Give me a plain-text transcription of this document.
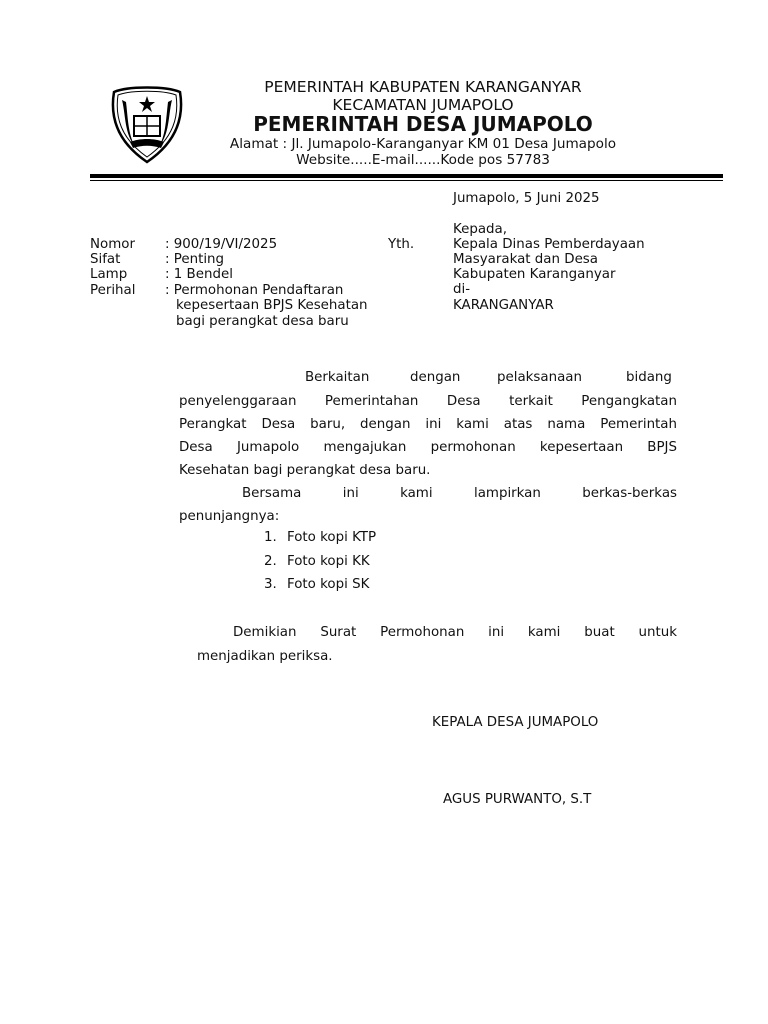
PEMERINTAH KABUPATEN KARANGANYAR
KECAMATAN JUMAPOLO
PEMERINTAH DESA JUMAPOLO
Alamat : Jl. Jumapolo-Karanganyar KM 01 Desa Jumapolo
Website.....E-mail......Kode pos 57783
Jumapolo, 5 Juni 2025
Kepada,
Yth.	Kepala Dinas Pemberdayaan
Masyarakat dan Desa
Kabupaten Karanganyar
di-
KARANGANYAR
Nomor : 900/19/VI/2025
Sifat	: Penting
Lamp	: 1 Bendel
Perihal : Permohonan Pendaftaran
kepesertaan BPJS Kesehatan
bagi perangkat desa baru
Berkaitan	dengan	pelaksanaan	bidang
penyelenggaraan Pemerintahan Desa terkait Pengangkatan
Perangkat Desa baru, dengan ini kami atas nama Pemerintah
Desa Jumapolo mengajukan permohonan kepesertaan BPJS
Kesehatan bagi perangkat desa baru.
Bersama ini kami lampirkan berkas-berkas
penunjangnya:
1. Foto kopi KTP
2. Foto kopi KK
3. Foto kopi SK
Demikian Surat Permohonan ini kami buat untuk
menjadikan periksa.
KEPALA DESA JUMAPOLO
AGUS PURWANTO, S.T
